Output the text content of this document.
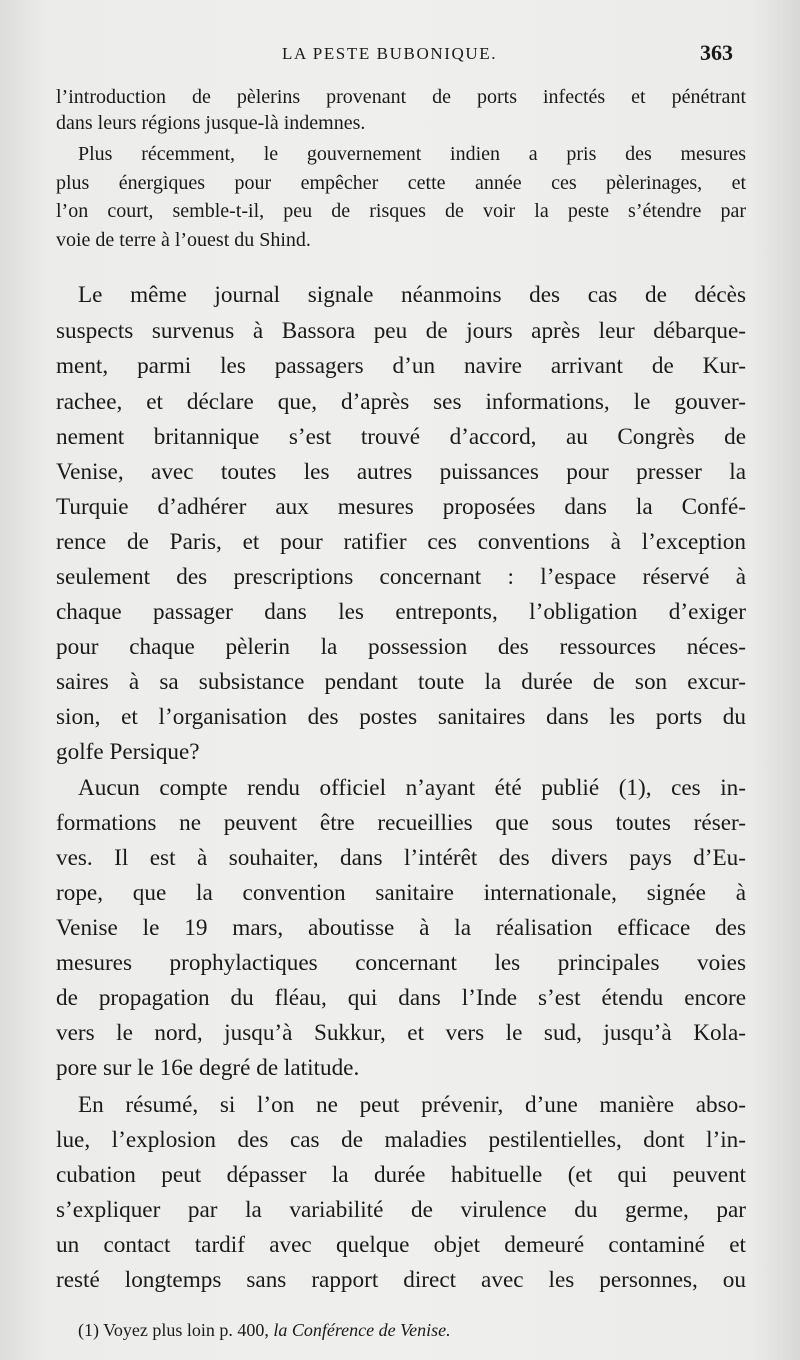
LA PESTE BUBONIQUE.	363
l’introduction de pèlerins provenant de ports infectés et pénétrant
dans leurs régions jusque-là indemnes.
Plus récemment, le gouvernement indien a pris des mesures
plus énergiques pour empêcher cette année ces pèlerinages, et
l’on court, semble-t-il, peu de risques de voir la peste s’étendre par
voie de terre à l’ouest du Shind.
Le même journal signale néanmoins des cas de décès
suspects survenus à Bassora peu de jours après leur débarque-
ment, parmi les passagers d’un navire arrivant de Kur-
rachee, et déclare que, d’après ses informations, le gouver-
nement britannique s’est trouvé d’accord, au Congrès de
Venise, avec toutes les autres puissances pour presser la
Turquie d’adhérer aux mesures proposées dans la Confé-
rence de Paris, et pour ratifier ces conventions à l’exception
seulement des prescriptions concernant : l’espace réservé à
chaque passager dans les entreponts, l’obligation d’exiger
pour chaque pèlerin la possession des ressources néces-
saires à sa subsistance pendant toute la durée de son excur-
sion, et l’organisation des postes sanitaires dans les ports du
golfe Persique?
Aucun compte rendu officiel n’ayant été publié (1), ces in-
formations ne peuvent être recueillies que sous toutes réser-
ves. Il est à souhaiter, dans l’intérêt des divers pays d’Eu-
rope, que la convention sanitaire internationale, signée à
Venise le 19 mars, aboutisse à la réalisation efficace des
mesures prophylactiques concernant les principales voies
de propagation du fléau, qui dans l’Inde s’est étendu encore
vers le nord, jusqu’à Sukkur, et vers le sud, jusqu’à Kola-
pore sur le 16e degré de latitude.
En résumé, si l’on ne peut prévenir, d’une manière abso-
lue, l’explosion des cas de maladies pestilentielles, dont l’in-
cubation peut dépasser la durée habituelle (et qui peuvent
s’expliquer par la variabilité de virulence du germe, par
un contact tardif avec quelque objet demeuré contaminé et
resté longtemps sans rapport direct avec les personnes, ou
(1) Voyez plus loin p. 400, la Conférence de Venise.
